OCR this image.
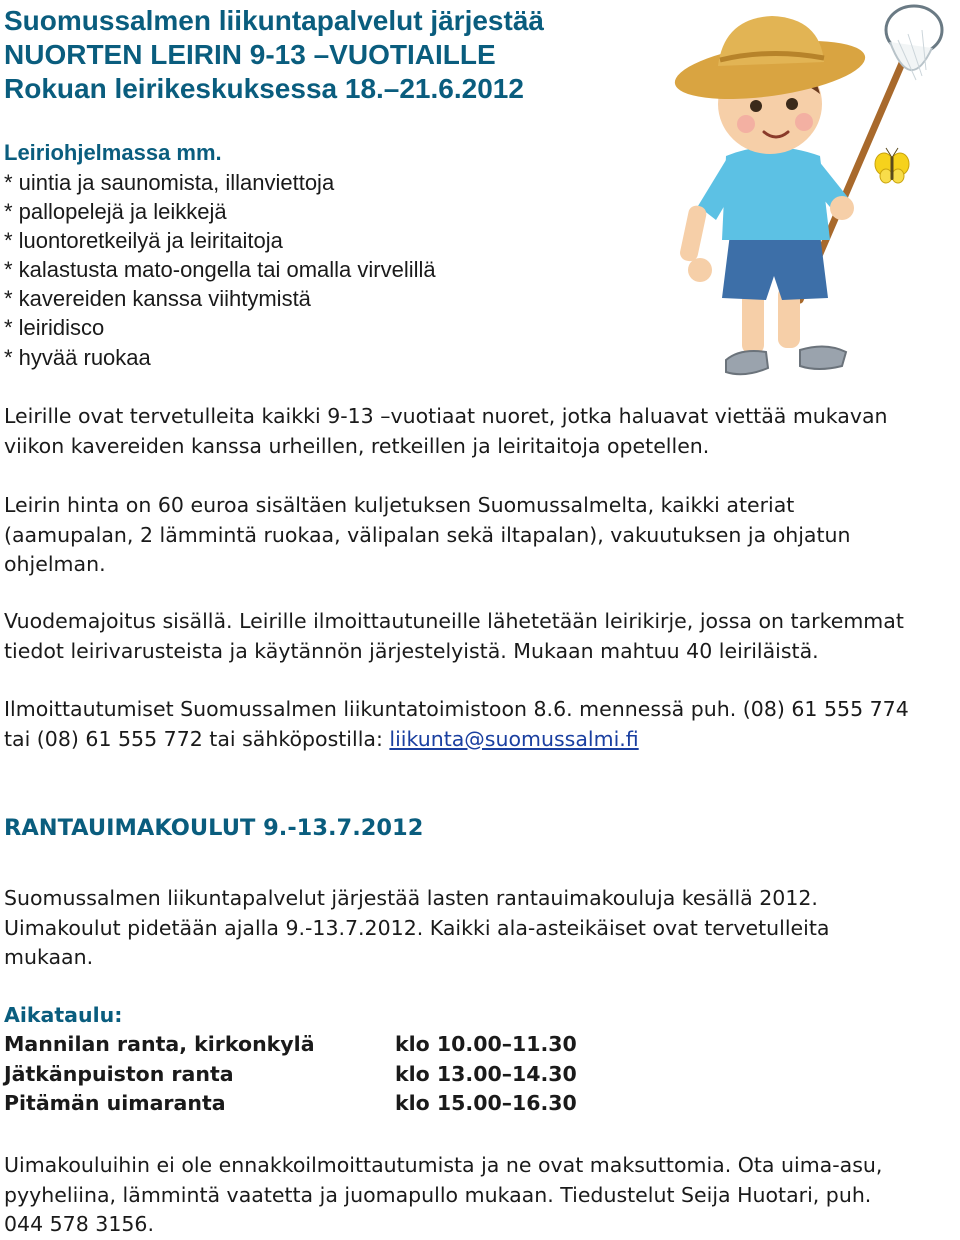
Suomussalmen liikuntapalvelut järjestää
NUORTEN LEIRIN 9-13 –VUOTIAILLE
Rokuan leirikeskuksessa 18.–21.6.2012
Leiriohjelmassa mm.
* uintia ja saunomista, illanviettoja
* pallopelejä ja leikkejä
* luontoretkeilyä ja leiritaitoja
* kalastusta mato-ongella tai omalla virvelillä
* kavereiden kanssa viihtymistä
* leiridisco
* hyvää ruokaa

Leirille ovat tervetulleita kaikki 9-13 –vuotiaat nuoret, jotka haluavat viettää mukavan
viikon kavereiden kanssa urheillen, retkeillen ja leiritaitoja opetellen.

Leirin hinta on 60 euroa sisältäen kuljetuksen Suomussalmelta, kaikki ateriat
(aamupalan, 2 lämmintä ruokaa, välipalan sekä iltapalan), vakuutuksen ja ohjatun
ohjelman.

Vuodemajoitus sisällä. Leirille ilmoittautuneille lähetetään leirikirje, jossa on tarkemmat
tiedot leirivarusteista ja käytännön järjestelyistä. Mukaan mahtuu 40 leiriläistä.

Ilmoittautumiset Suomussalmen liikuntatoimistoon 8.6. mennessä puh. (08) 61 555 774
tai (08) 61 555 772 tai sähköpostilla: liikunta@suomussalmi.fi

RANTAUIMAKOULUT 9.-13.7.2012

Suomussalmen liikuntapalvelut järjestää lasten rantauimakouluja kesällä 2012.
Uimakoulut pidetään ajalla 9.-13.7.2012. Kaikki ala-asteikäiset ovat tervetulleita
mukaan.

Aikataulu:
Mannilan ranta, kirkonkylä	klo 10.00–11.30
Jätkänpuiston ranta	klo 13.00–14.30
Pitämän uimaranta	klo 15.00–16.30

Uimakouluihin ei ole ennakkoilmoittautumista ja ne ovat maksuttomia. Ota uima-asu,
pyyheliina, lämmintä vaatetta ja juomapullo mukaan. Tiedustelut Seija Huotari, puh.
044 578 3156.
